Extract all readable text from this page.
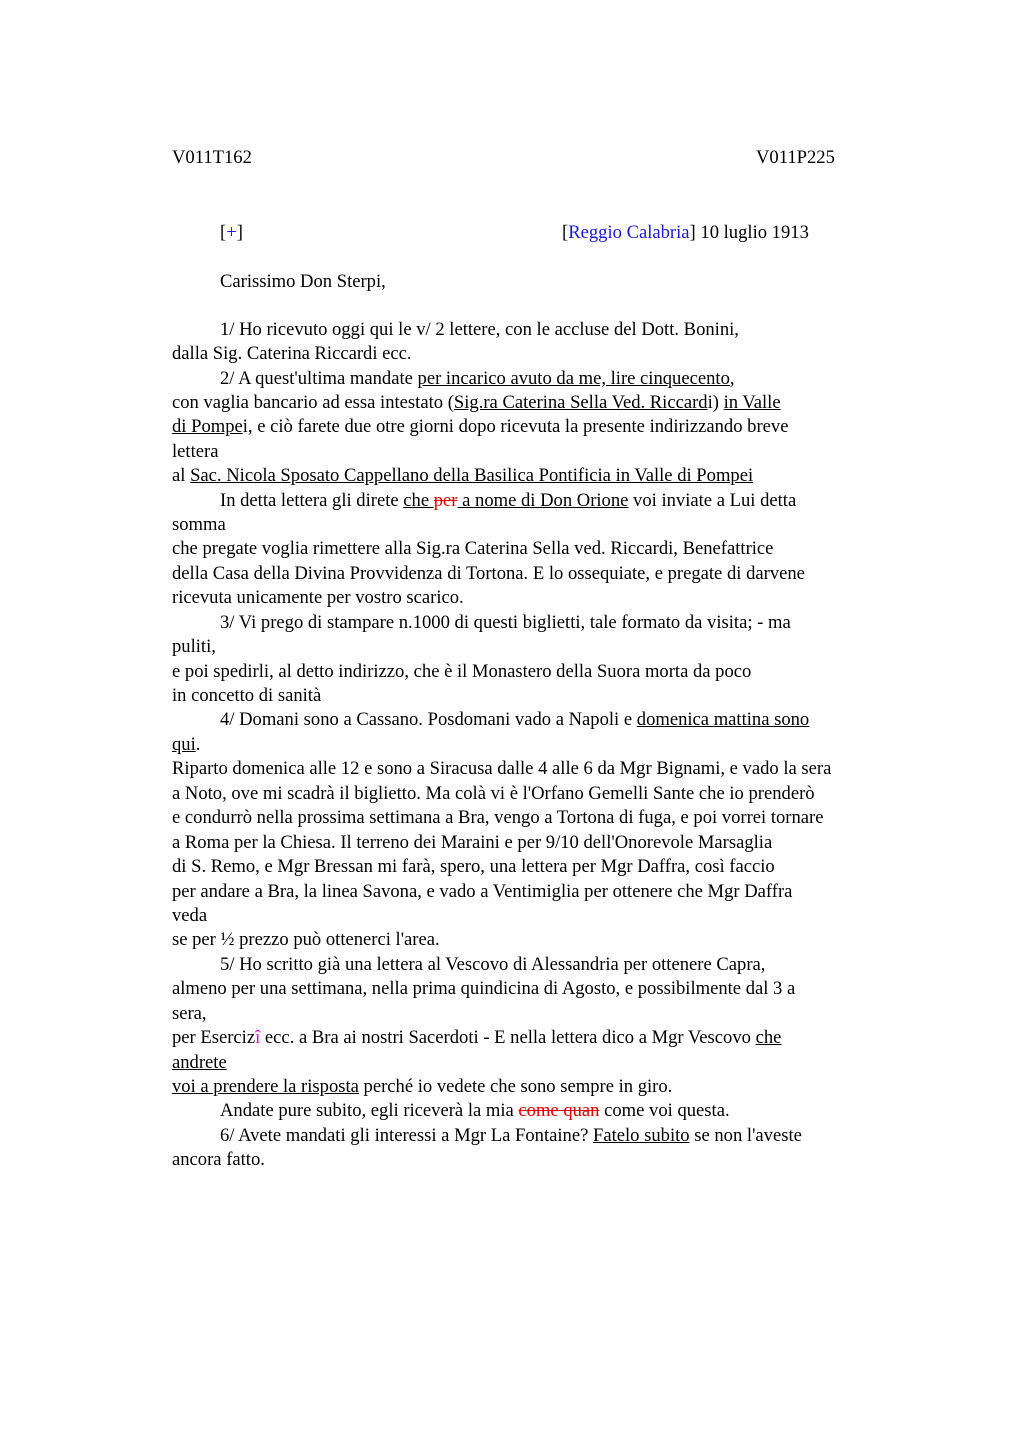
V011T162	V011P225
[+]	[Reggio Calabria] 10 luglio 1913
Carissimo Don Sterpi,
1/ Ho ricevuto oggi qui le v/ 2 lettere, con le accluse del Dott. Bonini,
dalla Sig. Caterina Riccardi ecc.
2/ A quest'ultima mandate per incarico avuto da me, lire cinquecento,
con vaglia bancario ad essa intestato (Sig.ra Caterina Sella Ved. Riccardi) in Valle
di Pompei, e ciò farete due otre giorni dopo ricevuta la presente indirizzando breve
lettera
al Sac. Nicola Sposato Cappellano della Basilica Pontificia in Valle di Pompei
In detta lettera gli direte che per a nome di Don Orione voi inviate a Lui detta
somma
che pregate voglia rimettere alla Sig.ra Caterina Sella ved. Riccardi, Benefattrice
della Casa della Divina Provvidenza di Tortona. E lo ossequiate, e pregate di darvene
ricevuta unicamente per vostro scarico.
3/ Vi prego di stampare n.1000 di questi biglietti, tale formato da visita; - ma
puliti,
e poi spedirli, al detto indirizzo, che è il Monastero della Suora morta da poco
in concetto di sanità
4/ Domani sono a Cassano. Posdomani vado a Napoli e domenica mattina sono
qui.
Riparto domenica alle 12 e sono a Siracusa dalle 4 alle 6 da Mgr Bignami, e vado la sera
a Noto, ove mi scadrà il biglietto. Ma colà vi è l'Orfano Gemelli Sante che io prenderò
e condurrò nella prossima settimana a Bra, vengo a Tortona di fuga, e poi vorrei tornare
a Roma per la Chiesa. Il terreno dei Maraini e per 9/10 dell'Onorevole Marsaglia
di S. Remo, e Mgr Bressan mi farà, spero, una lettera per Mgr Daffra, così faccio
per andare a Bra, la linea Savona, e vado a Ventimiglia per ottenere che Mgr Daffra
veda
se per ½ prezzo può ottenerci l'area.
5/ Ho scritto già una lettera al Vescovo di Alessandria per ottenere Capra,
almeno per una settimana, nella prima quindicina di Agosto, e possibilmente dal 3 a
sera,
per Esercizî ecc. a Bra ai nostri Sacerdoti - E nella lettera dico a Mgr Vescovo che
andrete
voi a prendere la risposta perché io vedete che sono sempre in giro.
Andate pure subito, egli riceverà la mia come quan come voi questa.
6/ Avete mandati gli interessi a Mgr La Fontaine? Fatelo subito se non l'aveste
ancora fatto.
